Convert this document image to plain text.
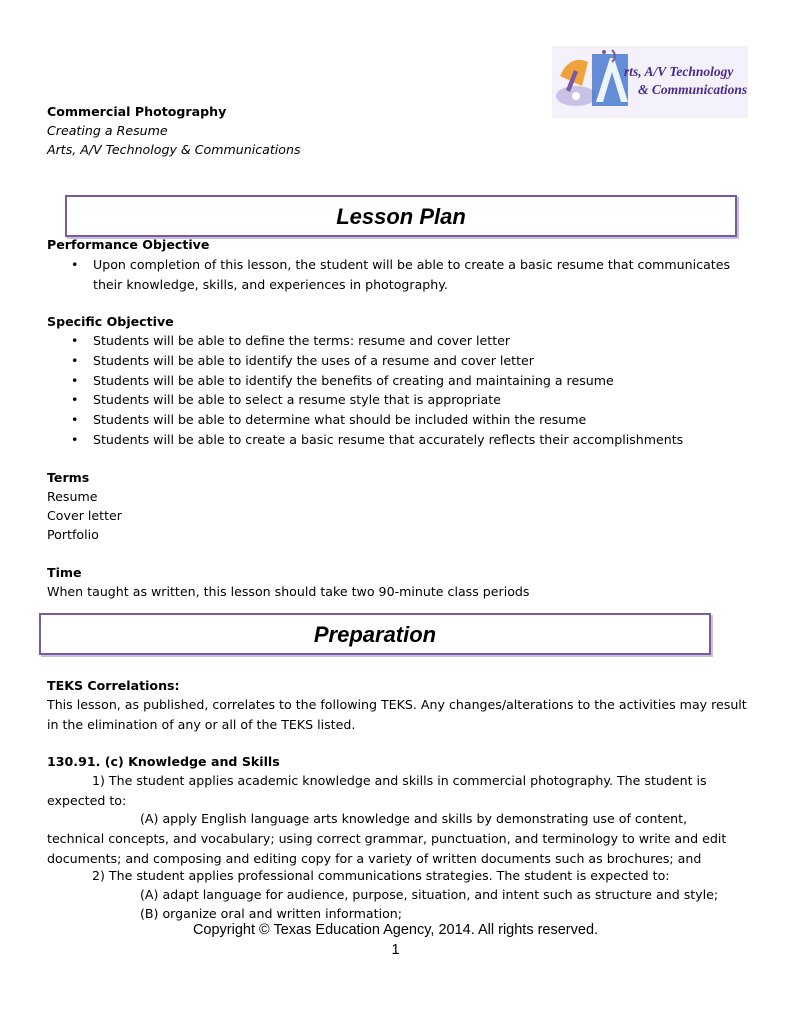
rts, A/V Technology
& Communications
Commercial Photography
Creating a Resume
Arts, A/V Technology & Communications
Lesson Plan
Performance Objective
• Upon completion of this lesson, the student will be able to create a basic resume that communicates their knowledge, skills, and experiences in photography.
Specific Objective
• Students will be able to define the terms: resume and cover letter
• Students will be able to identify the uses of a resume and cover letter
• Students will be able to identify the benefits of creating and maintaining a resume
• Students will be able to select a resume style that is appropriate
• Students will be able to determine what should be included within the resume
• Students will be able to create a basic resume that accurately reflects their accomplishments
Terms
Resume
Cover letter
Portfolio
Time
When taught as written, this lesson should take two 90-minute class periods
Preparation
TEKS Correlations:
This lesson, as published, correlates to the following TEKS. Any changes/alterations to the activities may result in the elimination of any or all of the TEKS listed.
130.91. (c) Knowledge and Skills
1) The student applies academic knowledge and skills in commercial photography. The student is expected to:
(A) apply English language arts knowledge and skills by demonstrating use of content, technical concepts, and vocabulary; using correct grammar, punctuation, and terminology to write and edit documents; and composing and editing copy for a variety of written documents such as brochures; and
2) The student applies professional communications strategies. The student is expected to:
(A) adapt language for audience, purpose, situation, and intent such as structure and style;
(B) organize oral and written information;
Copyright © Texas Education Agency, 2014. All rights reserved.
1
